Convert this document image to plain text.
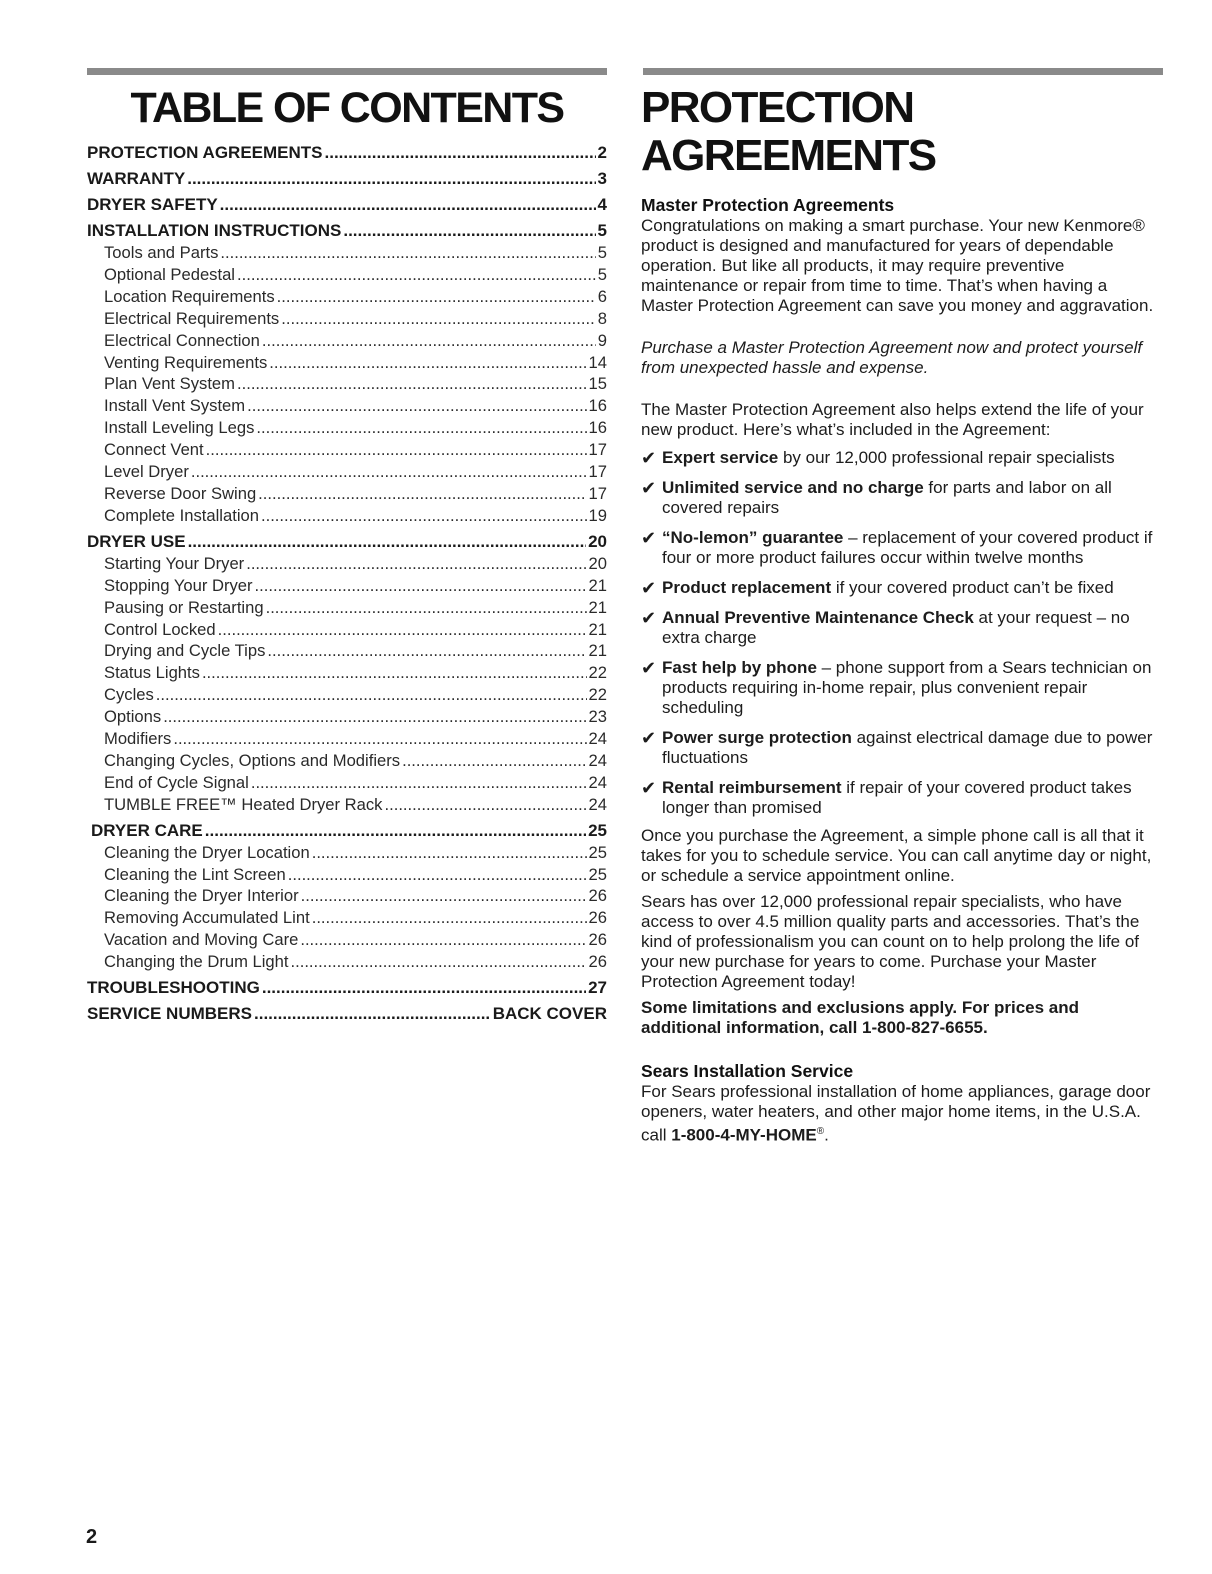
TABLE OF CONTENTS
PROTECTION AGREEMENTS .....	2
WARRANTY .....	3
DRYER SAFETY .....	4
INSTALLATION INSTRUCTIONS .....	5
Tools and Parts .....	5
Optional Pedestal .....	5
Location Requirements .....	6
Electrical Requirements .....	8
Electrical Connection .....	9
Venting Requirements .....	14
Plan Vent System .....	15
Install Vent System .....	16
Install Leveling Legs .....	16
Connect Vent .....	17
Level Dryer .....	17
Reverse Door Swing .....	17
Complete Installation .....	19
DRYER USE .....	20
Starting Your Dryer .....	20
Stopping Your Dryer .....	21
Pausing or Restarting .....	21
Control Locked .....	21
Drying and Cycle Tips .....	21
Status Lights .....	22
Cycles .....	22
Options .....	23
Modifiers .....	24
Changing Cycles, Options and Modifiers .....	24
End of Cycle Signal .....	24
TUMBLE FREE™ Heated Dryer Rack .....	24
DRYER CARE .....	25
Cleaning the Dryer Location .....	25
Cleaning the Lint Screen .....	25
Cleaning the Dryer Interior .....	26
Removing Accumulated Lint .....	26
Vacation and Moving Care .....	26
Changing the Drum Light .....	26
TROUBLESHOOTING .....	27
SERVICE NUMBERS .....	BACK COVER
PROTECTION AGREEMENTS
Master Protection Agreements

Congratulations on making a smart purchase. Your new Kenmore® product is designed and manufactured for years of dependable operation. But like all products, it may require preventive maintenance or repair from time to time. That’s when having a Master Protection Agreement can save you money and aggravation.

Purchase a Master Protection Agreement now and protect yourself from unexpected hassle and expense.

The Master Protection Agreement also helps extend the life of your new product. Here’s what’s included in the Agreement:

✔ Expert service by our 12,000 professional repair specialists
✔ Unlimited service and no charge for parts and labor on all covered repairs
✔ “No-lemon” guarantee – replacement of your covered product if four or more product failures occur within twelve months
✔ Product replacement if your covered product can’t be fixed
✔ Annual Preventive Maintenance Check at your request – no extra charge
✔ Fast help by phone – phone support from a Sears technician on products requiring in-home repair, plus convenient repair scheduling
✔ Power surge protection against electrical damage due to power fluctuations
✔ Rental reimbursement if repair of your covered product takes longer than promised

Once you purchase the Agreement, a simple phone call is all that it takes for you to schedule service. You can call anytime day or night, or schedule a service appointment online.

Sears has over 12,000 professional repair specialists, who have access to over 4.5 million quality parts and accessories. That’s the kind of professionalism you can count on to help prolong the life of your new purchase for years to come. Purchase your Master Protection Agreement today!

Some limitations and exclusions apply. For prices and additional information, call 1-800-827-6655.

Sears Installation Service

For Sears professional installation of home appliances, garage door openers, water heaters, and other major home items, in the U.S.A. call 1-800-4-MY-HOME®.

2
